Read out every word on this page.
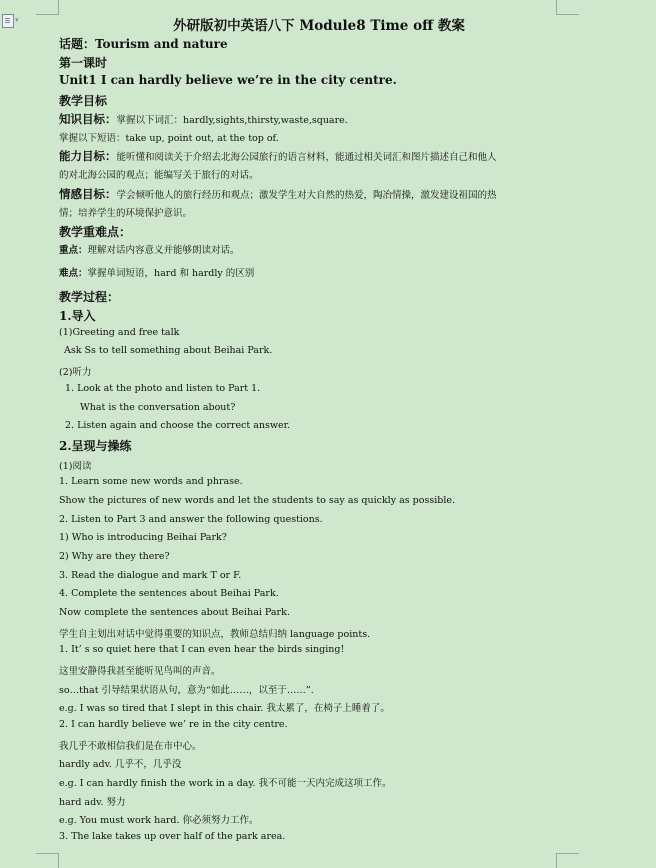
▾	外研版初中英语八下 Module8 Time off 教案
话题：Tourism and nature
第一课时
Unit1 I can hardly believe we’re in the city centre.
教学目标
知识目标：掌握以下词汇：hardly,sights,thirsty,waste,square.
掌握以下短语：take up, point out, at the top of.
能力目标：能听懂和阅读关于介绍去北海公园旅行的语言材料，能通过相关词汇和图片描述自己和他人
的对北海公园的观点；能编写关于旅行的对话。
情感目标：学会倾听他人的旅行经历和观点；激发学生对大自然的热爱，陶冶情操，激发建设祖国的热
情；培养学生的环境保护意识。
教学重难点：
重点：理解对话内容意义并能够朗读对话。
难点：掌握单词短语，hard 和 hardly 的区别
教学过程：
1.导入
(1)Greeting and free talk
Ask Ss to tell something about Beihai Park.
(2)听力
1. Look at the photo and listen to Part 1.
What is the conversation about?
2. Listen again and choose the correct answer.
2.呈现与操练
(1)阅读
1. Learn some new words and phrase.
Show the pictures of new words and let the students to say as quickly as possible.
2. Listen to Part 3 and answer the following questions.
1) Who is introducing Beihai Park?
2) Why are they there?
3. Read the dialogue and mark T or F.
4. Complete the sentences about Beihai Park.
Now complete the sentences about Beihai Park.
学生自主划出对话中觉得重要的知识点，教师总结归纳 language points.
1. It’ s so quiet here that I can even hear the birds singing!
这里安静得我甚至能听见鸟叫的声音。
so…that 引导结果状语从句，意为“如此……，以至于……”.
e.g. I was so tired that I slept in this chair. 我太累了，在椅子上睡着了。
2. I can hardly believe we’ re in the city centre.
我几乎不敢相信我们是在市中心。
hardly adv. 几乎不，几乎没
e.g. I can hardly finish the work in a day. 我不可能一天内完成这项工作。
hard adv. 努力
e.g. You must work hard. 你必须努力工作。
3. The lake takes up over half of the park area.
